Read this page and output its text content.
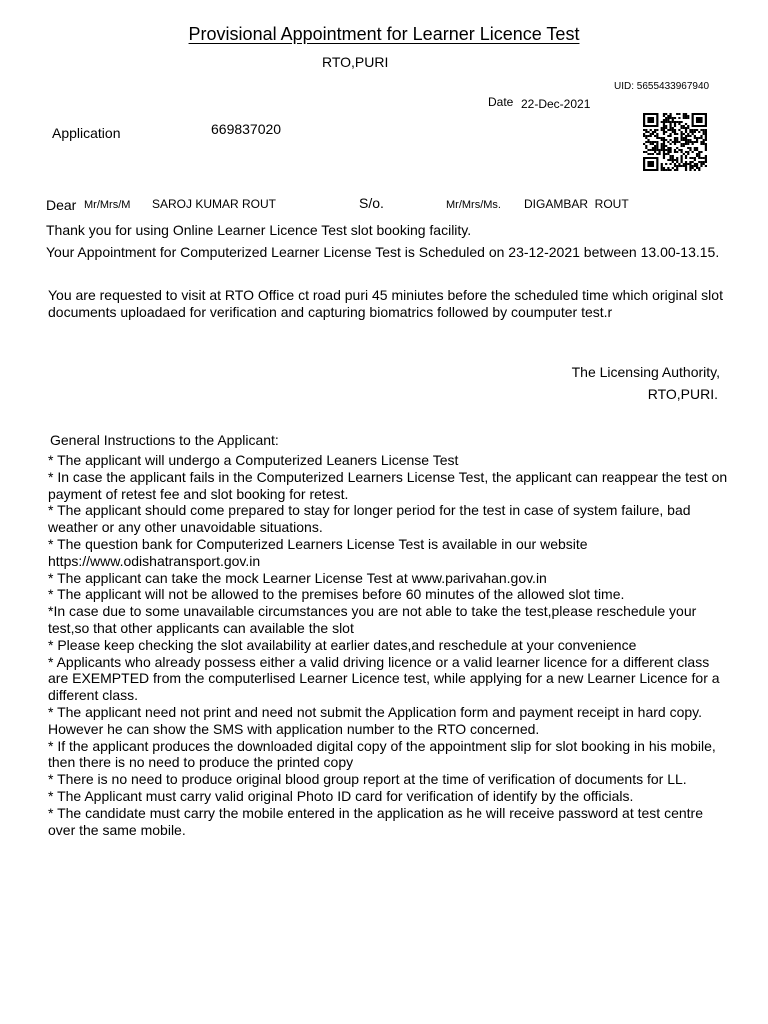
Provisional Appointment for Learner Licence Test
RTO,PURI
UID: 5655433967940
Date 22-Dec-2021
Application	669837020
Dear Mr/Mrs/M SAROJ KUMAR ROUT	S/o.	Mr/Mrs/Ms. DIGAMBAR  ROUT
Thank you for using Online Learner Licence Test slot booking facility.
Your Appointment for Computerized Learner License Test is Scheduled on 23-12-2021 between 13.00-13.15.
You are requested to visit at RTO Office ct road puri 45 miniutes before the scheduled time which original slot documents uploadaed for verification and capturing biomatrics followed by coumputer test.r
The Licensing Authority,
RTO,PURI.
General Instructions to the Applicant:
* The applicant will undergo a Computerized Leaners License Test
* In case the applicant fails in the Computerized Learners License Test, the applicant can reappear the test on payment of retest fee and slot booking for retest.
* The applicant should come prepared to stay for longer period for the test in case of system failure, bad weather or any other unavoidable situations.
* The question bank for Computerized Learners License Test is available in our website https://www.odishatransport.gov.in
* The applicant can take the mock Learner License Test at www.parivahan.gov.in
* The applicant will not be allowed to the premises before 60 minutes of the allowed slot time.
*In case due to some unavailable circumstances you are not able to take the test,please reschedule your test,so that other applicants can available the slot
* Please keep checking the slot availability at earlier dates,and reschedule at your convenience
* Applicants who already possess either a valid driving licence or a valid learner licence for a different class are EXEMPTED from the computerlised Learner Licence test, while applying for a new Learner Licence for a different class.
* The applicant need not print and need not submit the Application form and payment receipt in hard copy. However he can show the SMS with application number to the RTO concerned.
* If the applicant produces the downloaded digital copy of the appointment slip for slot booking in his mobile, then there is no need to produce the printed copy
* There is no need to produce original blood group report at the time of verification of documents for LL.
* The Applicant must carry valid original Photo ID card for verification of identify by the officials.
* The candidate must carry the mobile entered in the application as he will receive password at test centre over the same mobile.
